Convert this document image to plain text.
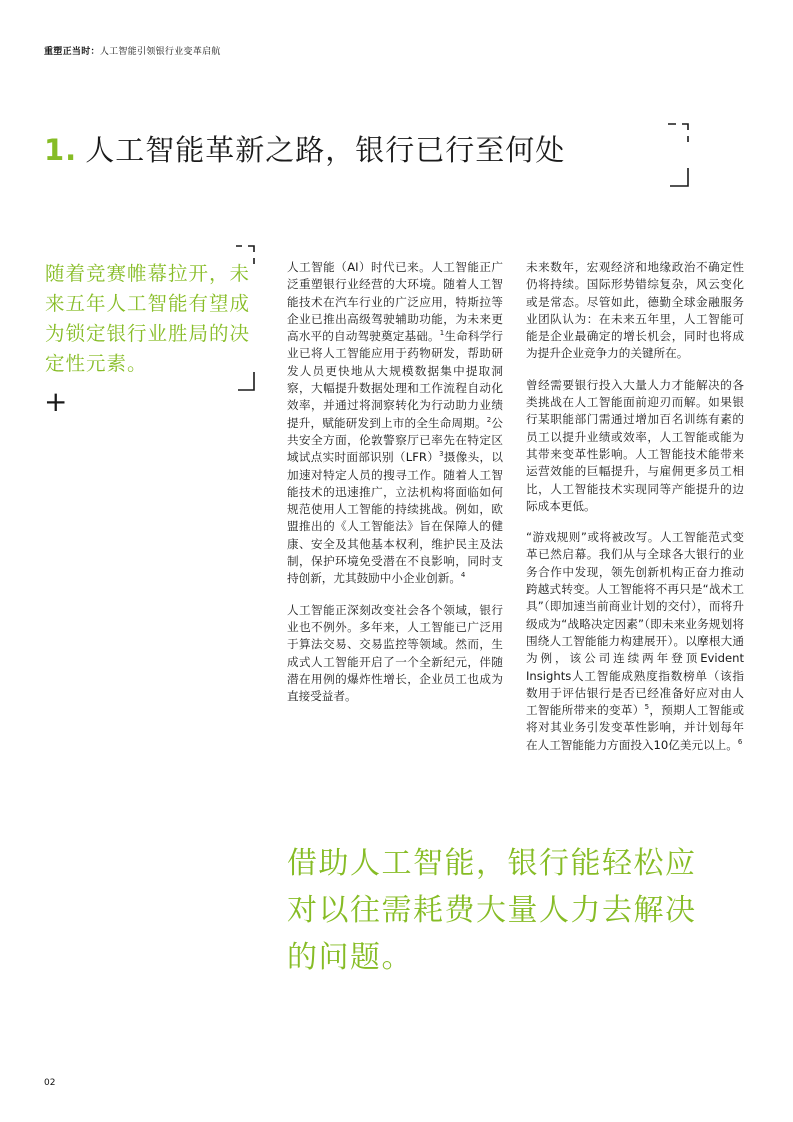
重塑正当时：人工智能引领银行业变革启航
1. 人工智能革新之路，银行已行至何处
随着竞赛帷幕拉开，未来五年人工智能有望成为锁定银行业胜局的决定性元素。
+

人工智能（AI）时代已来。人工智能正广泛重塑银行业经营的大环境。随着人工智能技术在汽车行业的广泛应用，特斯拉等企业已推出高级驾驶辅助功能，为未来更高水平的自动驾驶奠定基础。$^1$生命科学行业已将人工智能应用于药物研发，帮助研发人员更快地从大规模数据集中提取洞察，大幅提升数据处理和工作流程自动化效率，并通过将洞察转化为行动助力业绩提升，赋能研发到上市的全生命周期。$^2$公共安全方面，伦敦警察厅已率先在特定区域试点实时面部识别（LFR）$^3$摄像头，以加速对特定人员的搜寻工作。随着人工智能技术的迅速推广，立法机构将面临如何规范使用人工智能的持续挑战。例如，欧盟推出的《人工智能法》旨在保障人的健康、安全及其他基本权利，维护民主及法制，保护环境免受潜在不良影响，同时支持创新，尤其鼓励中小企业创新。$^4$

人工智能正深刻改变社会各个领域，银行业也不例外。多年来，人工智能已广泛用于算法交易、交易监控等领域。然而，生成式人工智能开启了一个全新纪元，伴随潜在用例的爆炸性增长，企业员工也成为直接受益者。

未来数年，宏观经济和地缘政治不确定性仍将持续。国际形势错综复杂，风云变化或是常态。尽管如此，德勤全球金融服务业团队认为：在未来五年里，人工智能可能是企业最确定的增长机会，同时也将成为提升企业竞争力的关键所在。

曾经需要银行投入大量人力才能解决的各类挑战在人工智能面前迎刃而解。如果银行某职能部门需通过增加百名训练有素的员工以提升业绩或效率，人工智能或能为其带来变革性影响。人工智能技术能带来运营效能的巨幅提升，与雇佣更多员工相比，人工智能技术实现同等产能提升的边际成本更低。

“游戏规则”或将被改写。人工智能范式变革已然启幕。我们从与全球各大银行的业务合作中发现，领先创新机构正奋力推动跨越式转变。人工智能将不再只是“战术工具”（即加速当前商业计划的交付），而将升级成为“战略决定因素”（即未来业务规划将围绕人工智能能力构建展开）。以摩根大通为例，该公司连续两年登顶Evident Insights人工智能成熟度指数榜单（该指数用于评估银行是否已经准备好应对由人工智能所带来的变革）$^5$，预期人工智能或将对其业务引发变革性影响，并计划每年在人工智能能力方面投入10亿美元以上。$^6$

借助人工智能，银行能轻松应对以往需耗费大量人力去解决的问题。
02
